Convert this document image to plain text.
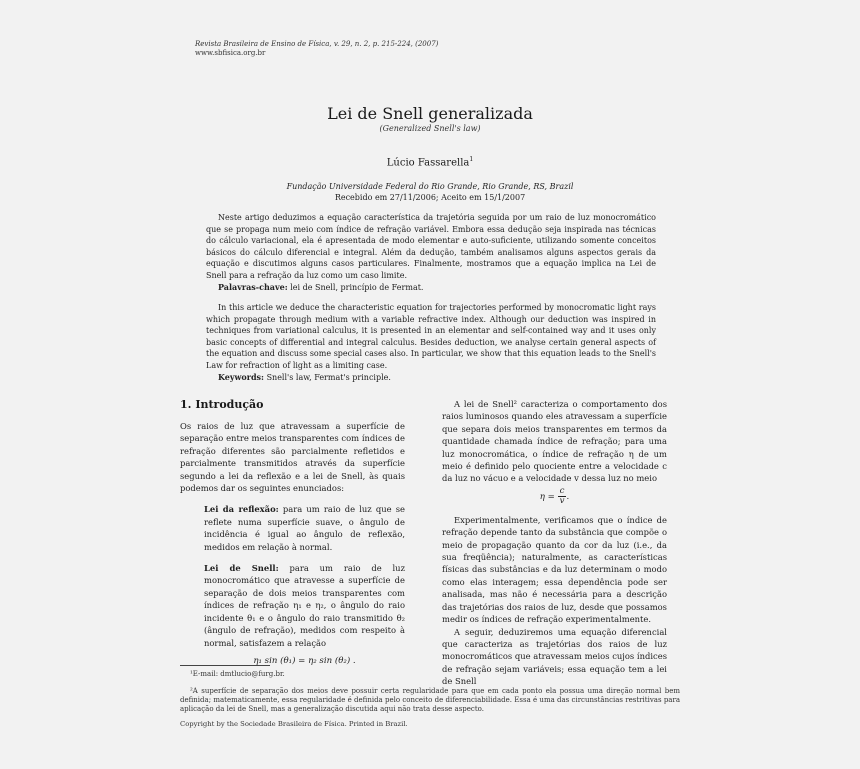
Revista Brasileira de Ensino de Física, v. 29, n. 2, p. 215-224, (2007)
www.sbfisica.org.br
Lei de Snell generalizada
(Generalized Snell's law)
Lúcio Fassarella$^1$
Fundação Universidade Federal do Rio Grande, Rio Grande, RS, Brazil
Recebido em 27/11/2006; Aceito em 15/1/2007

Neste artigo deduzimos a equação característica da trajetória seguida por um raio de luz monocromático que se propaga num meio com índice de refração variável. Embora essa dedução seja inspirada nas técnicas do cálculo variacional, ela é apresentada de modo elementar e auto-suficiente, utilizando somente conceitos básicos do cálculo diferencial e integral. Além da dedução, também analisamos alguns aspectos gerais da equação e discutimos alguns casos particulares. Finalmente, mostramos que a equação implica na Lei de Snell para a refração da luz como um caso limite.

Palavras-chave: lei de Snell, princípio de Fermat.

In this article we deduce the characteristic equation for trajectories performed by monocromatic light rays which propagate through medium with a variable refractive index. Although our deduction was inspired in techniques from variational calculus, it is presented in an elementar and self-contained way and it uses only basic concepts of differential and integral calculus. Besides deduction, we analyse certain general aspects of the equation and discuss some special cases also. In particular, we show that this equation leads to the Snell's Law for refraction of light as a limiting case.

Keywords: Snell's law, Fermat's principle.

1. Introdução

Os raios de luz que atravessam a superfície de separação entre meios transparentes com índices de refração diferentes são parcialmente refletidos e parcialmente transmitidos através da superfície segundo a lei da reflexão e a lei de Snell, às quais podemos dar os seguintes enunciados:

Lei da reflexão: para um raio de luz que se reflete numa superfície suave, o ângulo de incidência é igual ao ângulo de reflexão, medidos em relação à normal.

Lei de Snell: para um raio de luz monocromático que atravesse a superfície de separação de dois meios transparentes com índices de refração η₁ e η₂, o ângulo do raio incidente θ₁ e o ângulo do raio transmitido θ₂ (ângulo de refração), medidos com respeito à normal, satisfazem a relação

η₁ sin (θ₁) = η₂ sin (θ₂) .

A lei de Snell² caracteriza o comportamento dos raios luminosos quando eles atravessam a superfície que separa dois meios transparentes em termos da quantidade chamada índice de refração; para uma luz monocromática, o índice de refração η de um meio é definido pelo quociente entre a velocidade c da luz no vácuo e a velocidade v dessa luz no meio

$\eta = \frac{c}{v}$ .

Experimentalmente, verificamos que o índice de refração depende tanto da substância que compõe o meio de propagação quanto da cor da luz (i.e., da sua freqüência); naturalmente, as características físicas das substâncias e da luz determinam o modo como elas interagem; essa dependência pode ser analisada, mas não é necessária para a descrição das trajetórias dos raios de luz, desde que possamos medir os índices de refração experimentalmente.

A seguir, deduziremos uma equação diferencial que caracteriza as trajetórias dos raios de luz monocromáticos que atravessam meios cujos índices de refração sejam variáveis; essa equação tem a lei de Snell

¹E-mail: dmtlucio@furg.br.
²A superfície de separação dos meios deve possuir certa regularidade para que em cada ponto ela possua uma direção normal bem definida; matematicamente, essa regularidade é definida pelo conceito de diferenciabilidade. Essa é uma das circunstâncias restritivas para aplicação da lei de Snell, mas a generalização discutida aqui não trata desse aspecto.
Copyright by the Sociedade Brasileira de Física. Printed in Brazil.
